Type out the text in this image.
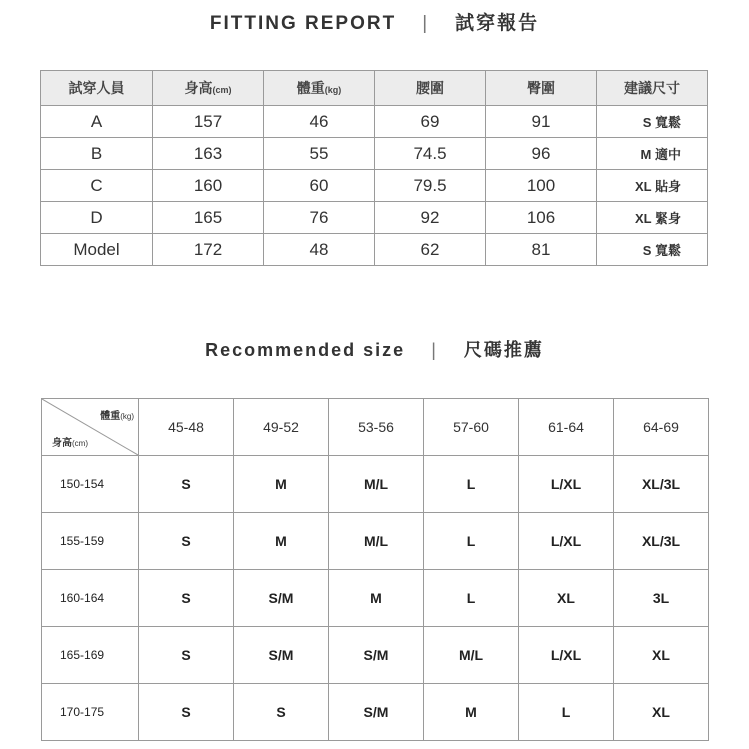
FITTING REPORT | 試穿報告
試穿人員	身高(cm)	體重(kg)	腰圍	臀圍	建議尺寸
A	157	46	69	91	S 寬鬆
B	163	55	74.5	96	M 適中
C	160	60	79.5	100	XL 貼身
D	165	76	92	106	XL 緊身
Model	172	48	62	81	S 寬鬆
Recommended size | 尺碼推薦
體重(kg)
身高(cm)	45-48	49-52	53-56	57-60	61-64	64-69
150-154	S	M	M/L	L	L/XL	XL/3L
155-159	S	M	M/L	L	L/XL	XL/3L
160-164	S	S/M	M	L	XL	3L
165-169	S	S/M	S/M	M/L	L/XL	XL
170-175	S	S	S/M	M	L	XL
